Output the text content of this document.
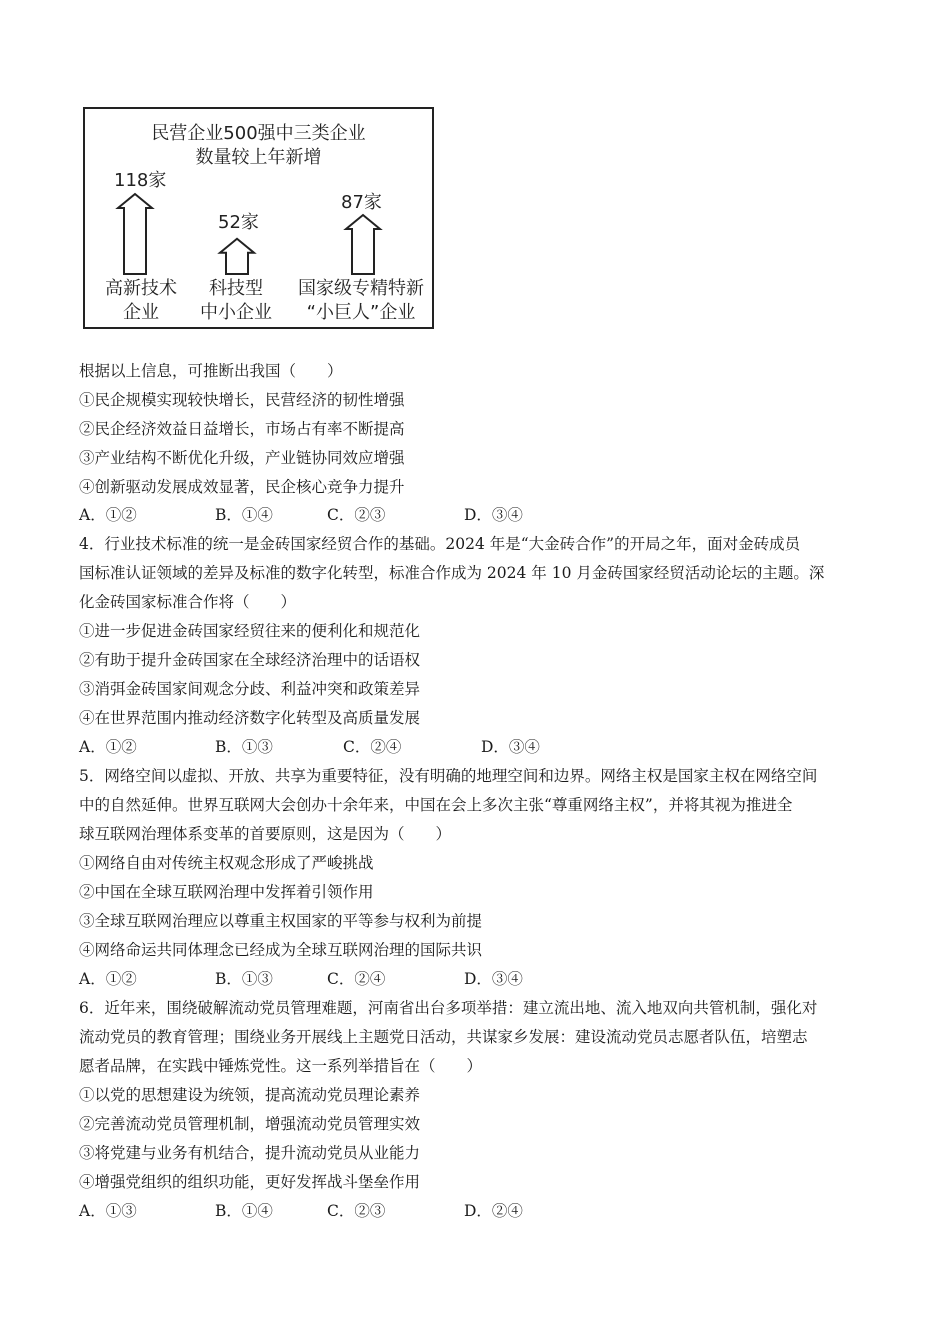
民营企业500强中三类企业
数量较上年新增
118家
52家
87家
高新技术
企业
科技型
中小企业
国家级专精特新
“小巨人”企业
根据以上信息，可推断出我国（　　）
①民企规模实现较快增长，民营经济的韧性增强
②民企经济效益日益增长，市场占有率不断提高
③产业结构不断优化升级，产业链协同效应增强
④创新驱动发展成效显著，民企核心竞争力提升
A．①②	B．①④	C．②③	D．③④
4．行业技术标准的统一是金砖国家经贸合作的基础。2024 年是“大金砖合作”的开局之年，面对金砖成员
国标准认证领域的差异及标准的数字化转型，标准合作成为 2024 年 10 月金砖国家经贸活动论坛的主题。深
化金砖国家标准合作将（　　）
①进一步促进金砖国家经贸往来的便利化和规范化
②有助于提升金砖国家在全球经济治理中的话语权
③消弭金砖国家间观念分歧、利益冲突和政策差异
④在世界范围内推动经济数字化转型及高质量发展
A．①②	B．①③	C．②④	D．③④
5．网络空间以虚拟、开放、共享为重要特征，没有明确的地理空间和边界。网络主权是国家主权在网络空间
中的自然延伸。世界互联网大会创办十余年来，中国在会上多次主张“尊重网络主权”，并将其视为推进全
球互联网治理体系变革的首要原则，这是因为（　　）
①网络自由对传统主权观念形成了严峻挑战
②中国在全球互联网治理中发挥着引领作用
③全球互联网治理应以尊重主权国家的平等参与权利为前提
④网络命运共同体理念已经成为全球互联网治理的国际共识
A．①②	B．①③	C．②④	D．③④
6．近年来，围绕破解流动党员管理难题，河南省出台多项举措：建立流出地、流入地双向共管机制，强化对
流动党员的教育管理；围绕业务开展线上主题党日活动，共谋家乡发展：建设流动党员志愿者队伍，培塑志
愿者品牌，在实践中锤炼党性。这一系列举措旨在（　　）
①以党的思想建设为统领，提高流动党员理论素养
②完善流动党员管理机制，增强流动党员管理实效
③将党建与业务有机结合，提升流动党员从业能力
④增强党组织的组织功能，更好发挥战斗堡垒作用
A．①③	B．①④	C．②③	D．②④
